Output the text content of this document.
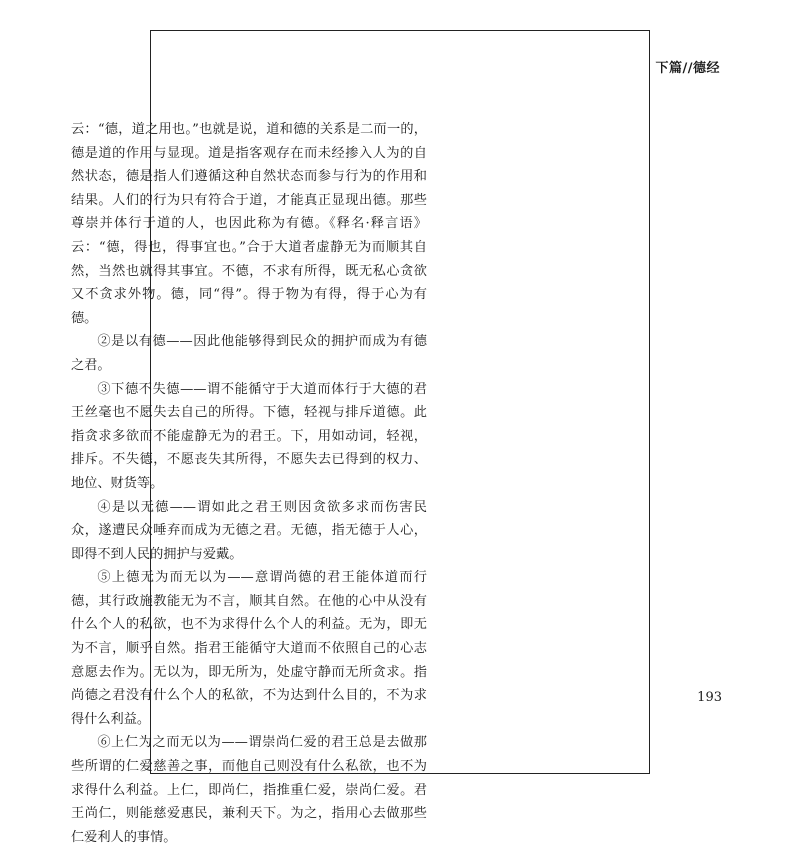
下篇//德经

云：“德，道之用也。”也就是说，道和德的关系是二而一的，德是道的作用与显现。道是指客观存在而未经掺入人为的自然状态，德是指人们遵循这种自然状态而参与行为的作用和结果。人们的行为只有符合于道，才能真正显现出德。那些尊崇并体行于道的人，也因此称为有德。《释名·释言语》云：“德，得也，得事宜也。”合于大道者虚静无为而顺其自然，当然也就得其事宜。不德，不求有所得，既无私心贪欲又不贪求外物。德，同“得”。得于物为有得，得于心为有德。

②是以有德——因此他能够得到民众的拥护而成为有德之君。

③下德不失德——谓不能循守于大道而体行于大德的君王丝毫也不愿失去自己的所得。下德，轻视与排斥道德。此指贪求多欲而不能虚静无为的君王。下，用如动词，轻视，排斥。不失德，不愿丧失其所得，不愿失去已得到的权力、地位、财货等。

④是以无德——谓如此之君王则因贪欲多求而伤害民众，遂遭民众唾弃而成为无德之君。无德，指无德于人心，即得不到人民的拥护与爱戴。

⑤上德无为而无以为——意谓尚德的君王能体道而行德，其行政施教能无为不言，顺其自然。在他的心中从没有什么个人的私欲，也不为求得什么个人的利益。无为，即无为不言，顺乎自然。指君王能循守大道而不依照自己的心志意愿去作为。无以为，即无所为，处虚守静而无所贪求。指尚德之君没有什么个人的私欲，不为达到什么目的，不为求得什么利益。

⑥上仁为之而无以为——谓崇尚仁爱的君王总是去做那些所谓的仁爱慈善之事，而他自己则没有什么私欲，也不为求得什么利益。上仁，即尚仁，指推重仁爱，崇尚仁爱。君王尚仁，则能慈爱惠民，兼利天下。为之，指用心去做那些仁爱利人的事情。

193
